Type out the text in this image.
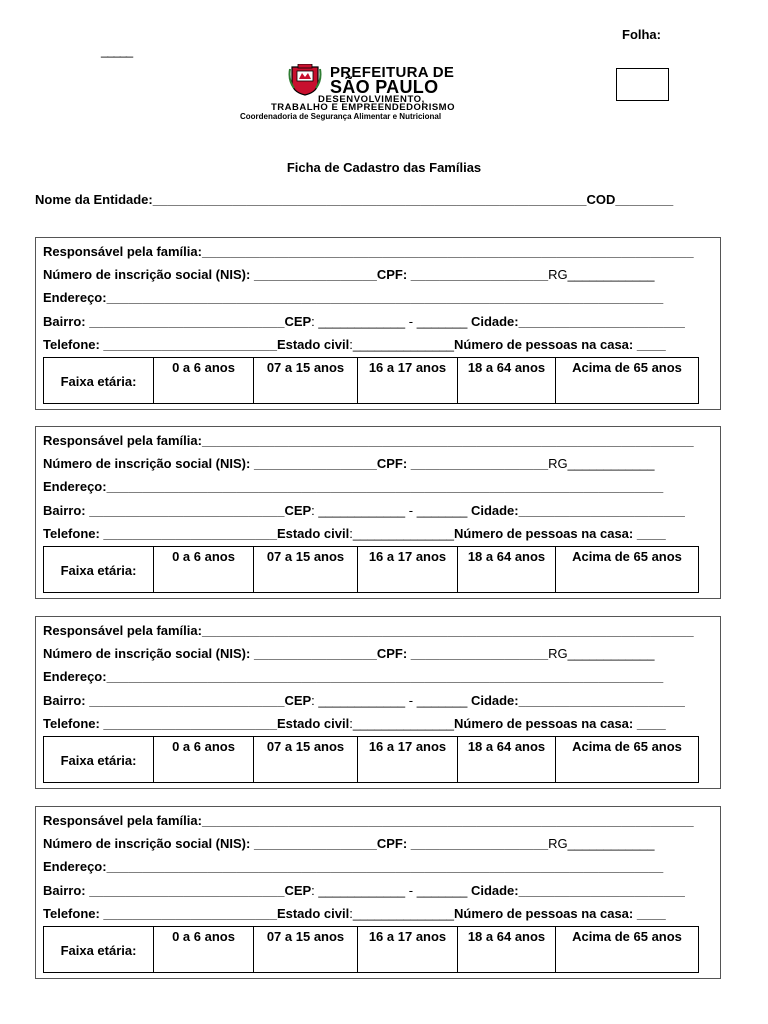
_____
Folha:
PREFEITURA DE
SÃO PAULO
DESENVOLVIMENTO,
TRABALHO E EMPREENDEDORISMO
Coordenadoria de Segurança Alimentar e Nutricional
Ficha de Cadastro das Famílias
Nome da Entidade:____________________________________________________________COD________
Responsável pela família:____________________________________________________________________
Número de inscrição social (NIS): _________________CPF: ___________________RG____________
Endereço:_____________________________________________________________________________
Bairro: ___________________________CEP: ____________ - _______ Cidade:_______________________
Telefone: ________________________Estado civil:______________Número de pessoas na casa: ____
Faixa etária:	0 a 6 anos	07 a 15 anos	16 a 17 anos	18 a 64 anos	Acima de 65 anos
Responsável pela família:____________________________________________________________________
Número de inscrição social (NIS): _________________CPF: ___________________RG____________
Endereço:_____________________________________________________________________________
Bairro: ___________________________CEP: ____________ - _______ Cidade:_______________________
Telefone: ________________________Estado civil:______________Número de pessoas na casa: ____
Faixa etária:	0 a 6 anos	07 a 15 anos	16 a 17 anos	18 a 64 anos	Acima de 65 anos
Responsável pela família:____________________________________________________________________
Número de inscrição social (NIS): _________________CPF: ___________________RG____________
Endereço:_____________________________________________________________________________
Bairro: ___________________________CEP: ____________ - _______ Cidade:_______________________
Telefone: ________________________Estado civil:______________Número de pessoas na casa: ____
Faixa etária:	0 a 6 anos	07 a 15 anos	16 a 17 anos	18 a 64 anos	Acima de 65 anos
Responsável pela família:____________________________________________________________________
Número de inscrição social (NIS): _________________CPF: ___________________RG____________
Endereço:_____________________________________________________________________________
Bairro: ___________________________CEP: ____________ - _______ Cidade:_______________________
Telefone: ________________________Estado civil:______________Número de pessoas na casa: ____
Faixa etária:	0 a 6 anos	07 a 15 anos	16 a 17 anos	18 a 64 anos	Acima de 65 anos
